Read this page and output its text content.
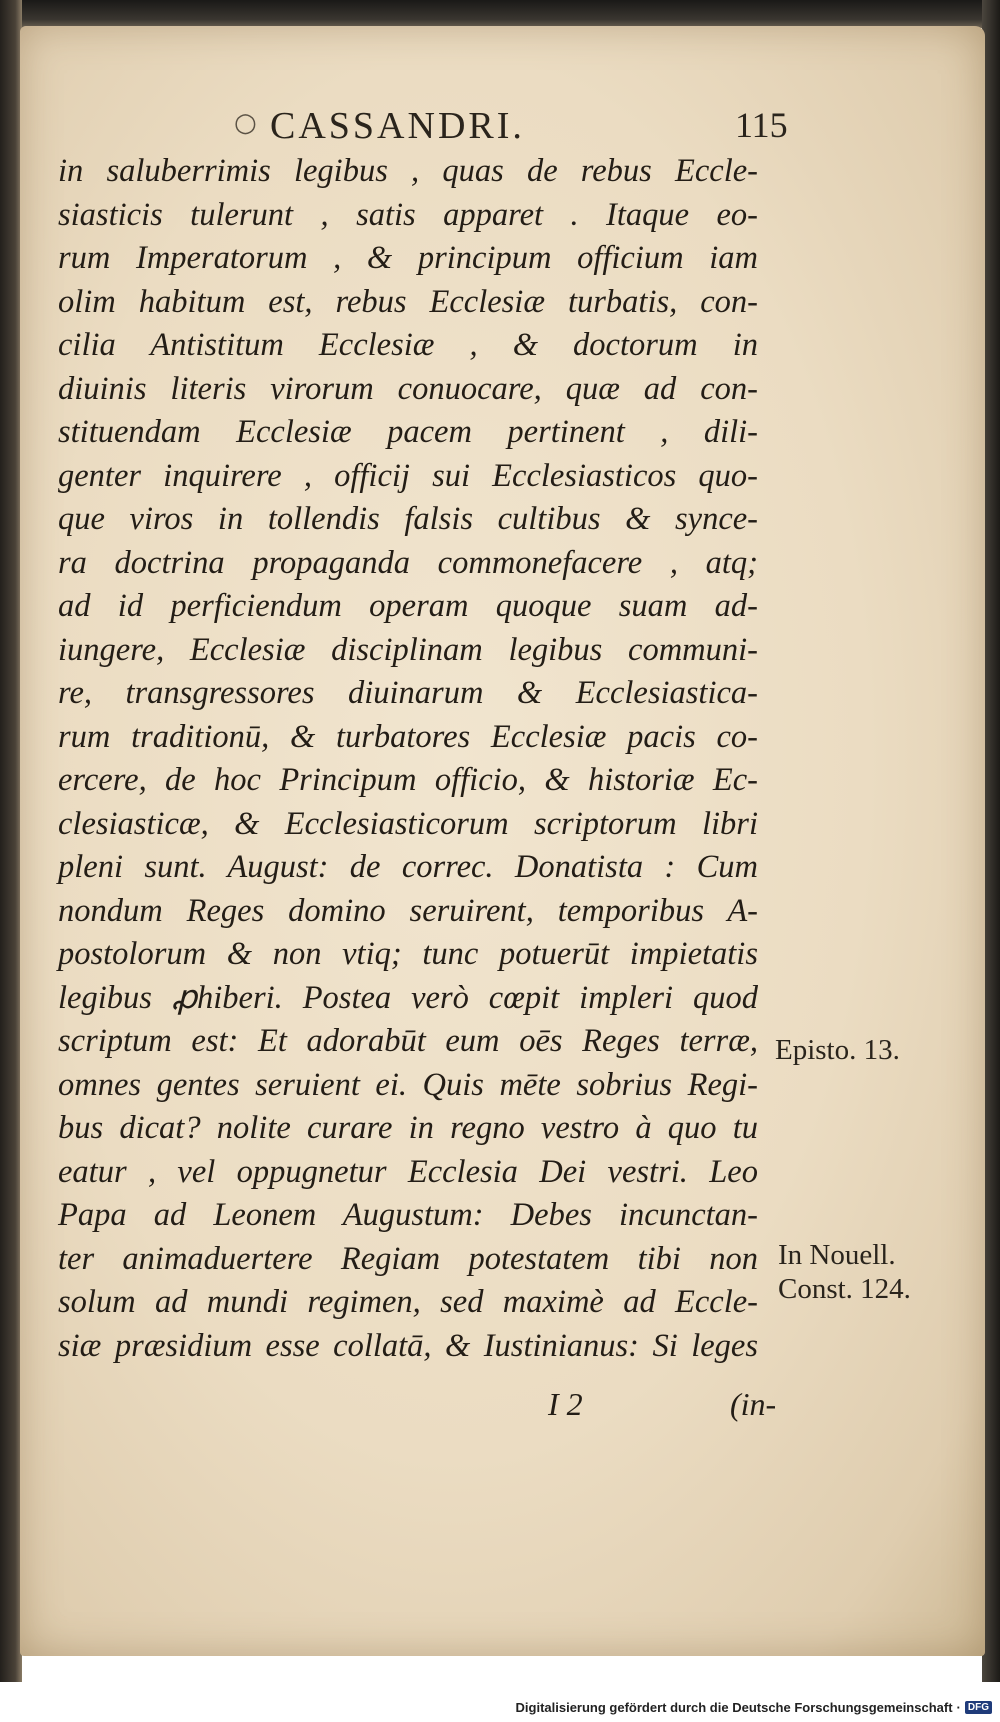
○ CASSANDRI.	115
in saluberrimis legibus , quas de rebus Eccle-
siasticis tulerunt , satis apparet . Itaque eo-
rum Imperatorum , & principum officium iam
olim habitum est, rebus Ecclesiæ turbatis, con-
cilia Antistitum Ecclesiæ , & doctorum in
diuinis literis virorum conuocare, quæ ad con-
stituendam Ecclesiæ pacem pertinent , dili-
genter inquirere , officij sui Ecclesiasticos quo-
que viros in tollendis falsis cultibus & synce-
ra doctrina propaganda commonefacere , atq;
ad id perficiendum operam quoque suam ad-
iungere, Ecclesiæ disciplinam legibus communi-
re, transgressores diuinarum & Ecclesiastica-
rum traditionū, & turbatores Ecclesiæ pacis co-
ercere, de hoc Principum officio, & historiæ Ec-
clesiasticæ, & Ecclesiasticorum scriptorum libri
pleni sunt. August: de correc. Donatista : Cum
nondum Reges domino seruirent, temporibus A-
postolorum & non vtiq; tunc potuerūt impietatis
legibus ꝓhiberi. Postea verò cœpit impleri quod
scriptum est: Et adorabūt eum oēs Reges terræ,
omnes gentes seruient ei. Quis mēte sobrius Regi-
bus dicat? nolite curare in regno vestro à quo tu
eatur , vel oppugnetur Ecclesia Dei vestri. Leo
Papa ad Leonem Augustum: Debes incunctan-
ter animaduertere Regiam potestatem tibi non
solum ad mundi regimen, sed maximè ad Eccle-
siæ præsidium esse collatā, & Iustinianus: Si leges
I 2	(in-
Episto. 13.
In Nouell.
Const. 124.
Digitalisierung gefördert durch die Deutsche Forschungsgemeinschaft · DFG
